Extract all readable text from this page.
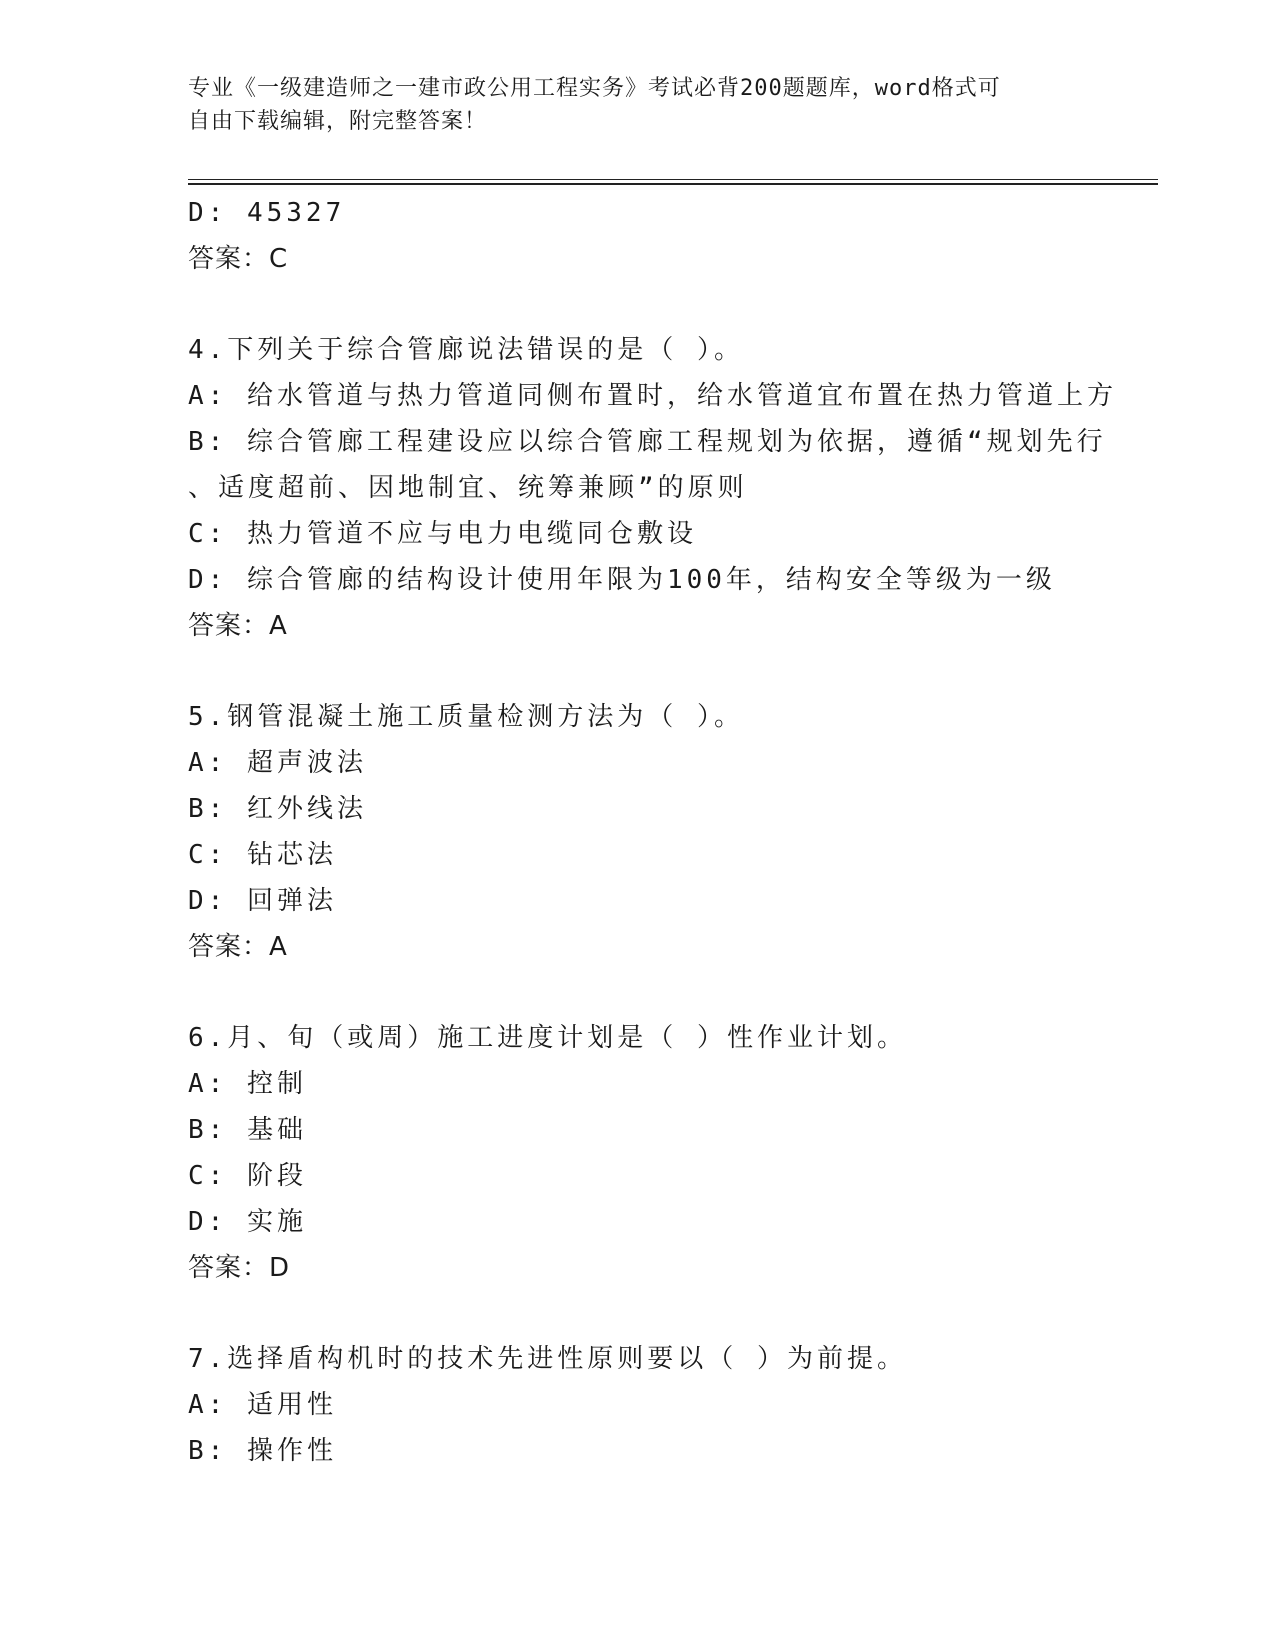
专业《一级建造师之一建市政公用工程实务》考试必背200题题库，word格式可
自由下载编辑，附完整答案！
D: 45327
答案：C
4.下列关于综合管廊说法错误的是（ ）。
A: 给水管道与热力管道同侧布置时，给水管道宜布置在热力管道上方
B: 综合管廊工程建设应以综合管廊工程规划为依据，遵循“规划先行
、适度超前、因地制宜、统筹兼顾”的原则
C: 热力管道不应与电力电缆同仓敷设
D: 综合管廊的结构设计使用年限为100年，结构安全等级为一级
答案：A
5.钢管混凝土施工质量检测方法为（ ）。
A: 超声波法
B: 红外线法
C: 钻芯法
D: 回弹法
答案：A
6.月、旬（或周）施工进度计划是（ ）性作业计划。
A: 控制
B: 基础
C: 阶段
D: 实施
答案：D
7.选择盾构机时的技术先进性原则要以（ ）为前提。
A: 适用性
B: 操作性
